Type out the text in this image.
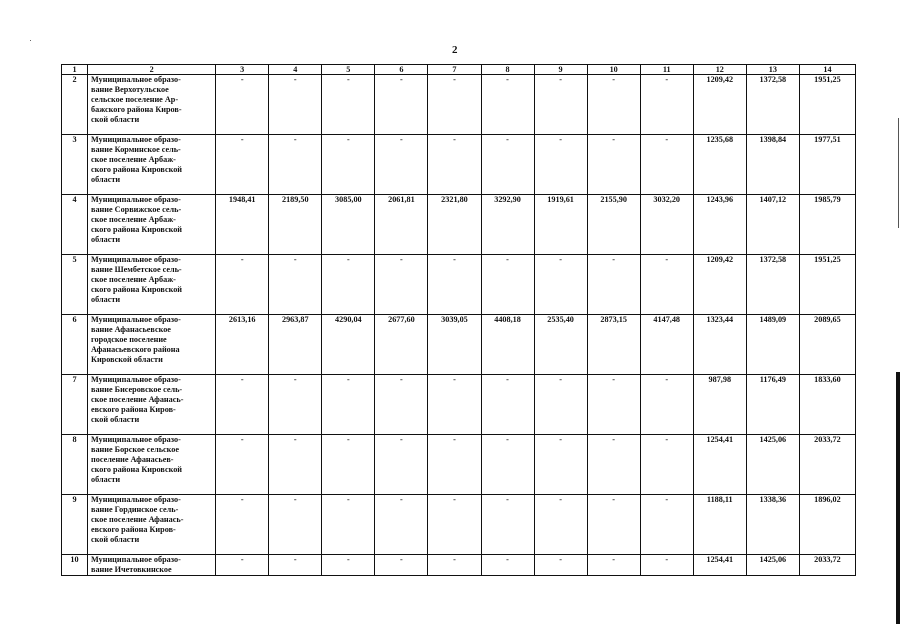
2
1	2	3	4	5	6	7	8	9	10	11	12	13	14
2	Муниципальное образо-
вание Верхотульское
сельское поселение Ар-
бажского района Киров-
ской области	-	-	-	-	-	-	-	-	-	1209,42	1372,58	1951,25
3	Муниципальное образо-
вание Корминское сель-
ское поселение Арбаж-
ского района Кировской
области	-	-	-	-	-	-	-	-	-	1235,68	1398,84	1977,51
4	Муниципальное образо-
вание Сорвижское сель-
ское поселение Арбаж-
ского района Кировской
области	1948,41	2189,50	3085,00	2061,81	2321,80	3292,90	1919,61	2155,90	3032,20	1243,96	1407,12	1985,79
5	Муниципальное образо-
вание Шембетское сель-
ское поселение Арбаж-
ского района Кировской
области	-	-	-	-	-	-	-	-	-	1209,42	1372,58	1951,25
6	Муниципальное образо-
вание Афанасьевское
городское поселение
Афанасьевского района
Кировской области	2613,16	2963,87	4290,04	2677,60	3039,05	4408,18	2535,40	2873,15	4147,48	1323,44	1489,09	2089,65
7	Муниципальное образо-
вание Бисеровское сель-
ское поселение Афанась-
евского района Киров-
ской области	-	-	-	-	-	-	-	-	-	987,98	1176,49	1833,60
8	Муниципальное образо-
вание Борское сельское
поселение Афанасьев-
ского района Кировской
области	-	-	-	-	-	-	-	-	-	1254,41	1425,06	2033,72
9	Муниципальное образо-
вание Гординское сель-
ское поселение Афанась-
евского района Киров-
ской области	-	-	-	-	-	-	-	-	-	1188,11	1338,36	1896,02
10	Муниципальное образо-
вание Ичетовкинское	-	-	-	-	-	-	-	-	-	1254,41	1425,06	2033,72
